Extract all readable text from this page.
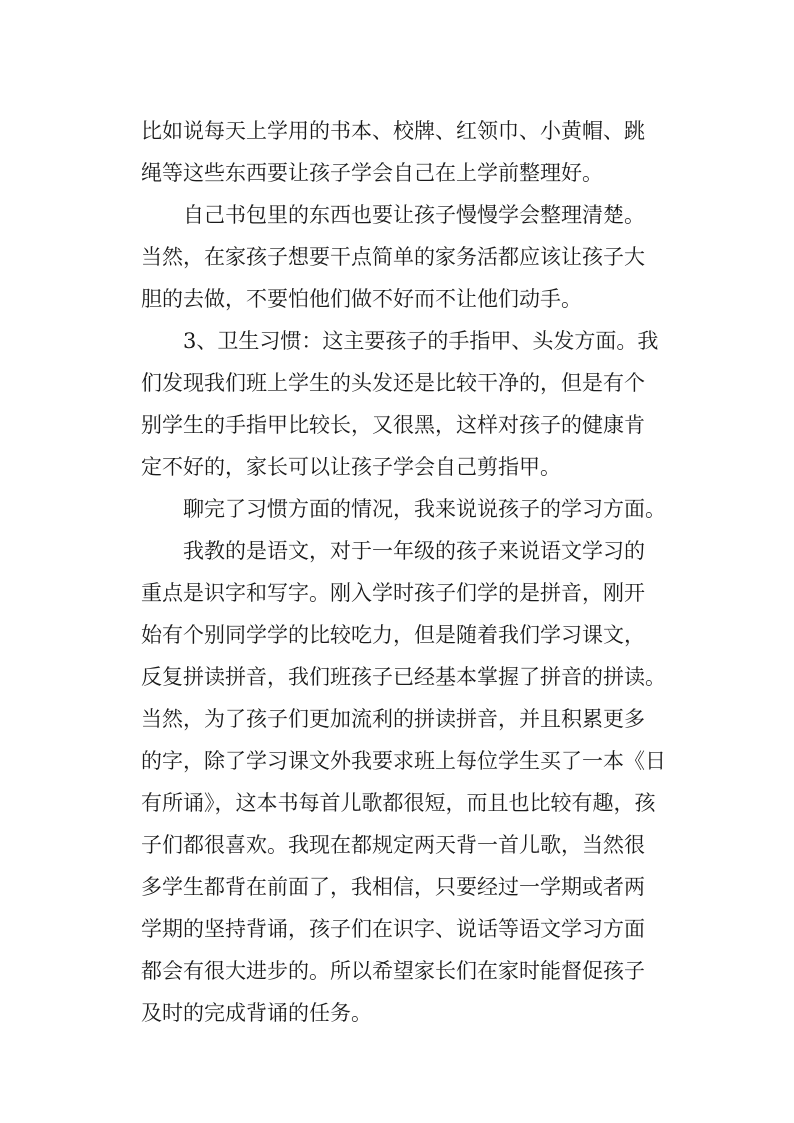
比如说每天上学用的书本、校牌、红领巾、小黄帽、跳
绳等这些东西要让孩子学会自己在上学前整理好。
自己书包里的东西也要让孩子慢慢学会整理清楚。
当然，在家孩子想要干点简单的家务活都应该让孩子大
胆的去做，不要怕他们做不好而不让他们动手。
3、卫生习惯：这主要孩子的手指甲、头发方面。我
们发现我们班上学生的头发还是比较干净的，但是有个
别学生的手指甲比较长，又很黑，这样对孩子的健康肯
定不好的，家长可以让孩子学会自己剪指甲。
聊完了习惯方面的情况，我来说说孩子的学习方面。
我教的是语文，对于一年级的孩子来说语文学习的
重点是识字和写字。刚入学时孩子们学的是拼音，刚开
始有个别同学学的比较吃力，但是随着我们学习课文，
反复拼读拼音，我们班孩子已经基本掌握了拼音的拼读。
当然，为了孩子们更加流利的拼读拼音，并且积累更多
的字，除了学习课文外我要求班上每位学生买了一本《日
有所诵》，这本书每首儿歌都很短，而且也比较有趣，孩
子们都很喜欢。我现在都规定两天背一首儿歌，当然很
多学生都背在前面了，我相信，只要经过一学期或者两
学期的坚持背诵，孩子们在识字、说话等语文学习方面
都会有很大进步的。所以希望家长们在家时能督促孩子
及时的完成背诵的任务。
